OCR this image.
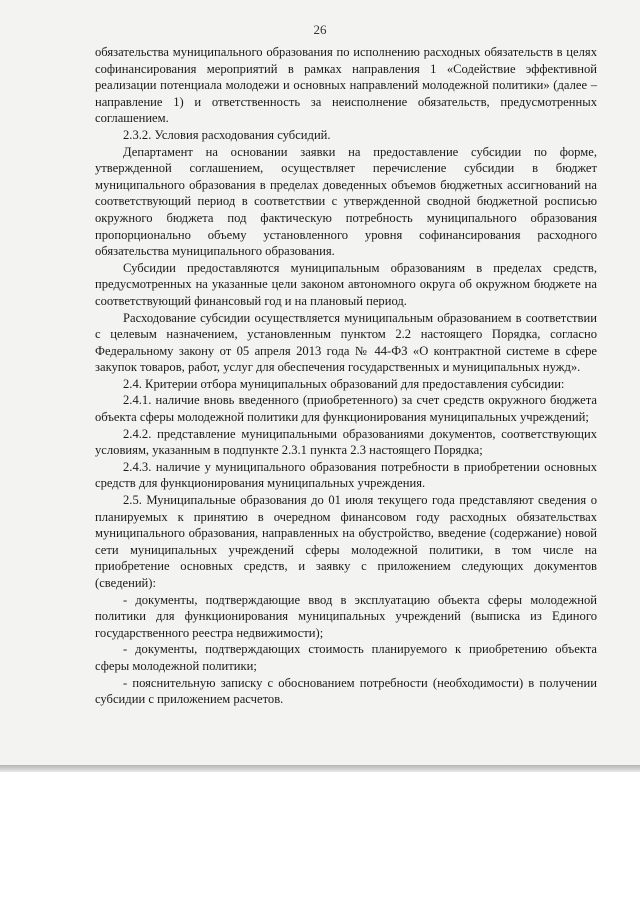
26

обязательства муниципального образования по исполнению расходных обязательств в целях софинансирования мероприятий в рамках направления 1 «Содействие эффективной реализации потенциала молодежи и основных направлений молодежной политики» (далее – направление 1) и ответственность за неисполнение обязательств, предусмотренных соглашением.

2.3.2. Условия расходования субсидий.

Департамент на основании заявки на предоставление субсидии по форме, утвержденной соглашением, осуществляет перечисление субсидии в бюджет муниципального образования в пределах доведенных объемов бюджетных ассигнований на соответствующий период в соответствии с утвержденной сводной бюджетной росписью окружного бюджета под фактическую потребность муниципального образования пропорционально объему установленного уровня софинансирования расходного обязательства муниципального образования.

Субсидии предоставляются муниципальным образованиям в пределах средств, предусмотренных на указанные цели законом автономного округа об окружном бюджете на соответствующий финансовый год и на плановый период.

Расходование субсидии осуществляется муниципальным образованием в соответствии с целевым назначением, установленным пунктом 2.2 настоящего Порядка, согласно Федеральному закону от 05 апреля 2013 года № 44-ФЗ «О контрактной системе в сфере закупок товаров, работ, услуг для обеспечения государственных и муниципальных нужд».

2.4. Критерии отбора муниципальных образований для предоставления субсидии:

2.4.1. наличие вновь введенного (приобретенного) за счет средств окружного бюджета объекта сферы молодежной политики для функционирования муниципальных учреждений;

2.4.2. представление муниципальными образованиями документов, соответствующих условиям, указанным в подпункте 2.3.1 пункта 2.3 настоящего Порядка;

2.4.3. наличие у муниципального образования потребности в приобретении основных средств для функционирования муниципальных учреждения.

2.5. Муниципальные образования до 01 июля текущего года представляют сведения о планируемых к принятию в очередном финансовом году расходных обязательствах муниципального образования, направленных на обустройство, введение (содержание) новой сети муниципальных учреждений сферы молодежной политики, в том числе на приобретение основных средств, и заявку с приложением следующих документов (сведений):

- документы, подтверждающие ввод в эксплуатацию объекта сферы молодежной политики для функционирования муниципальных учреждений (выписка из Единого государственного реестра недвижимости);

- документы, подтверждающих стоимость планируемого к приобретению объекта сферы молодежной политики;

- пояснительную записку с обоснованием потребности (необходимости) в получении субсидии с приложением расчетов.
